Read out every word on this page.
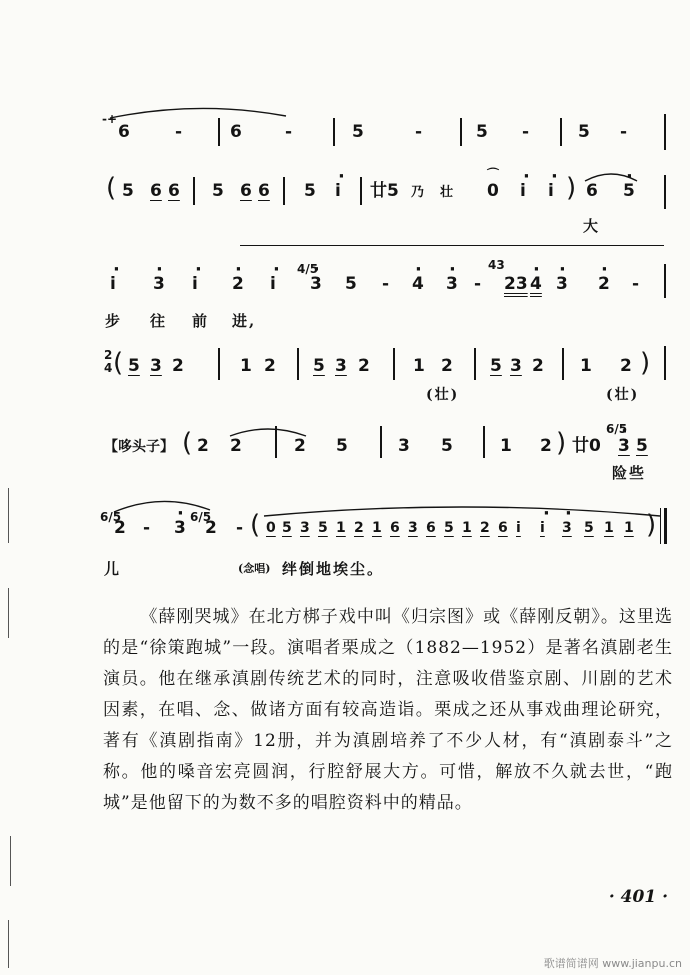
-+
6	-	6	-	5	-	5 -	5 -
( 5 6 6 5 6 6 5 · i 廿5 乃 壮
⌒
0 · i · i ) 6 · 5
大
· i · 3 · i · 2 · i
4/5
· 3 5 - · 4 · 3 -
43
23 · 4 · 3 · 2 -
步 往 前 进,
2
4 ( 5 3 2	1 2 5 3 2	1 2 5 3 2 1 2 )
(壮)	(壮)
【哆头子】 ( 2 2	2 5	3 5	1 2 ) 廿0
6/5
· 3 5
险些
6/5
2 - · 3
6/5
2 - ( 0 5 3 5 1 2 1 6 3 6 5 1 2 6 i · i · 3 5 1 1 )
儿	(念唱) 绊倒地埃尘。

《薛刚哭城》在北方梆子戏中叫《归宗图》或《薛刚反朝》。这里选的是“徐策跑城”一段。演唱者栗成之（1882—1952）是著名滇剧老生演员。他在继承滇剧传统艺术的同时，注意吸收借鉴京剧、川剧的艺术因素，在唱、念、做诸方面有较高造诣。栗成之还从事戏曲理论研究，著有《滇剧指南》12册，并为滇剧培养了不少人材，有“滇剧泰斗”之称。他的嗓音宏亮圆润，行腔舒展大方。可惜，解放不久就去世，“跑城”是他留下的为数不多的唱腔资料中的精品。

· 401 ·
歌谱简谱网 www.jianpu.cn
